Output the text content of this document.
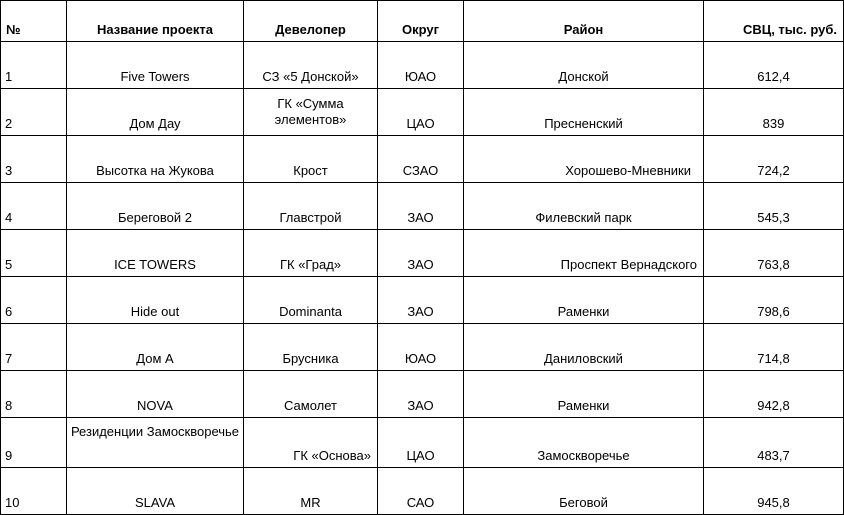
№	Название проекта	Девелопер	Округ	Район	СВЦ, тыс. руб.
1	Five Towers	СЗ «5 Донской»	ЮАО	Донской	612,4
2	Дом Дау	ГК «Сумма элементов»	ЦАО	Пресненский	839
3	Высотка на Жукова	Крост	СЗАО	Хорошево-Мневники	724,2
4	Береговой 2	Главстрой	ЗАО	Филевский парк	545,3
5	ICE TOWERS	ГК «Град»	ЗАО	Проспект Вернадского	763,8
6	Hide out	Dominanta	ЗАО	Раменки	798,6
7	Дом А	Брусника	ЮАО	Даниловский	714,8
8	NOVA	Самолет	ЗАО	Раменки	942,8
9	Резиденции Замоскворечье	ГК «Основа»	ЦАО	Замоскворечье	483,7
10	SLAVA	MR	САО	Беговой	945,8
